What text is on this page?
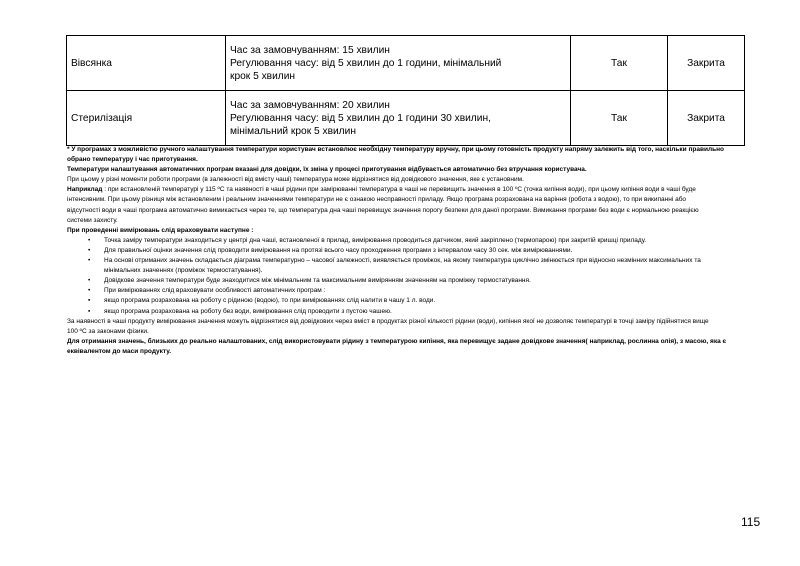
Вівсянка	Час за замовчуванням: 15 хвилин
Регулювання часу: від 5 хвилин до 1 години, мінімальний
крок 5 хвилин	Так	Закрита
Стерилізація	Час за замовчуванням: 20 хвилин
Регулювання часу: від 5 хвилин до 1 години 30 хвилин,
мінімальний крок 5 хвилин	Так	Закрита

* У програмах з можливістю ручного налаштування температури користувач встановлює необхідну температуру вручну, при цьому готовність продукту напряму залежить від того, наскільки правильно

обрано температуру і час приготування.

Температури налаштування автоматичних програм вказані для довідки, їх зміна у процесі приготування відбувається автоматично без втручання користувача.

При цьому у різні моменти роботи програми (в залежності від вмісту чаші) температура може відрізнятися від довідкового значення, яке є установним.

Наприклад : при встановленій температурі у 115 ºC та наявності в чаші рідини при замірюванні температура в чаші не перевищить значення в 100 ºC (точка кипіння води), при цьому кипіння води в чаші буде

інтенсивним. При цьому різниця між встановленим і реальним значеннями температури не є ознакою несправності приладу. Якщо програма розрахована на варіння (робота з водою), то при википанні або

відсутності води в чаші програма автоматично вимикається через те, що температура дна чаші перевищує значення порогу безпеки для даної програми. Вимикання програми без води є нормальною реакцією

системи захисту.

При проведенні вимірювань слід враховувати наступне :

• Точка заміру температури знаходиться у центрі дна чаші, встановленої в прилад, вимірювання проводиться датчиком, який закріплено (термопарою) при закритій кришці приладу.
• Для правильної оцінки значення слід проводити вимірювання на протязі всього часу проходження програми з інтервалом часу 30 сек. між вимірюваннями.
• На основі отриманих значень складається діаграма температурно – часової залежності, виявляється проміжок, на якому температура циклічно змінюється при відносно незмінних максимальних та
мінімальних значеннях (проміжок термостатування).
• Довідкове значення температури буде знаходитися між мінімальним та максимальним вимірянням значенням на проміжку термостатування.
• При вимірюваннях слід враховувати особливості автоматичних програм :
▪ якщо програма розрахована на роботу с рідиною (водою), то при вимірюваннях слід налити в чашу 1 л. води.
▪ якщо програма розрахована на роботу без води, вимірювання слід проводити з пустою чашею.

За наявності в чаші продукту вимірювання значення можуть відрізнятися від довідкових через вміст в продуктах різної кількості рідини (води), кипіння якої не дозволяє температурі в точці заміру підійнятися вище

100 ºC за законами фізики.

Для отримання значень, близьких до реально налаштованих, слід використовувати рідину з температурою кипіння, яка перевищує задане довідкове значення( наприклад, рослинна олія), з масою, яка є

еквівалентом до маси продукту.

115
